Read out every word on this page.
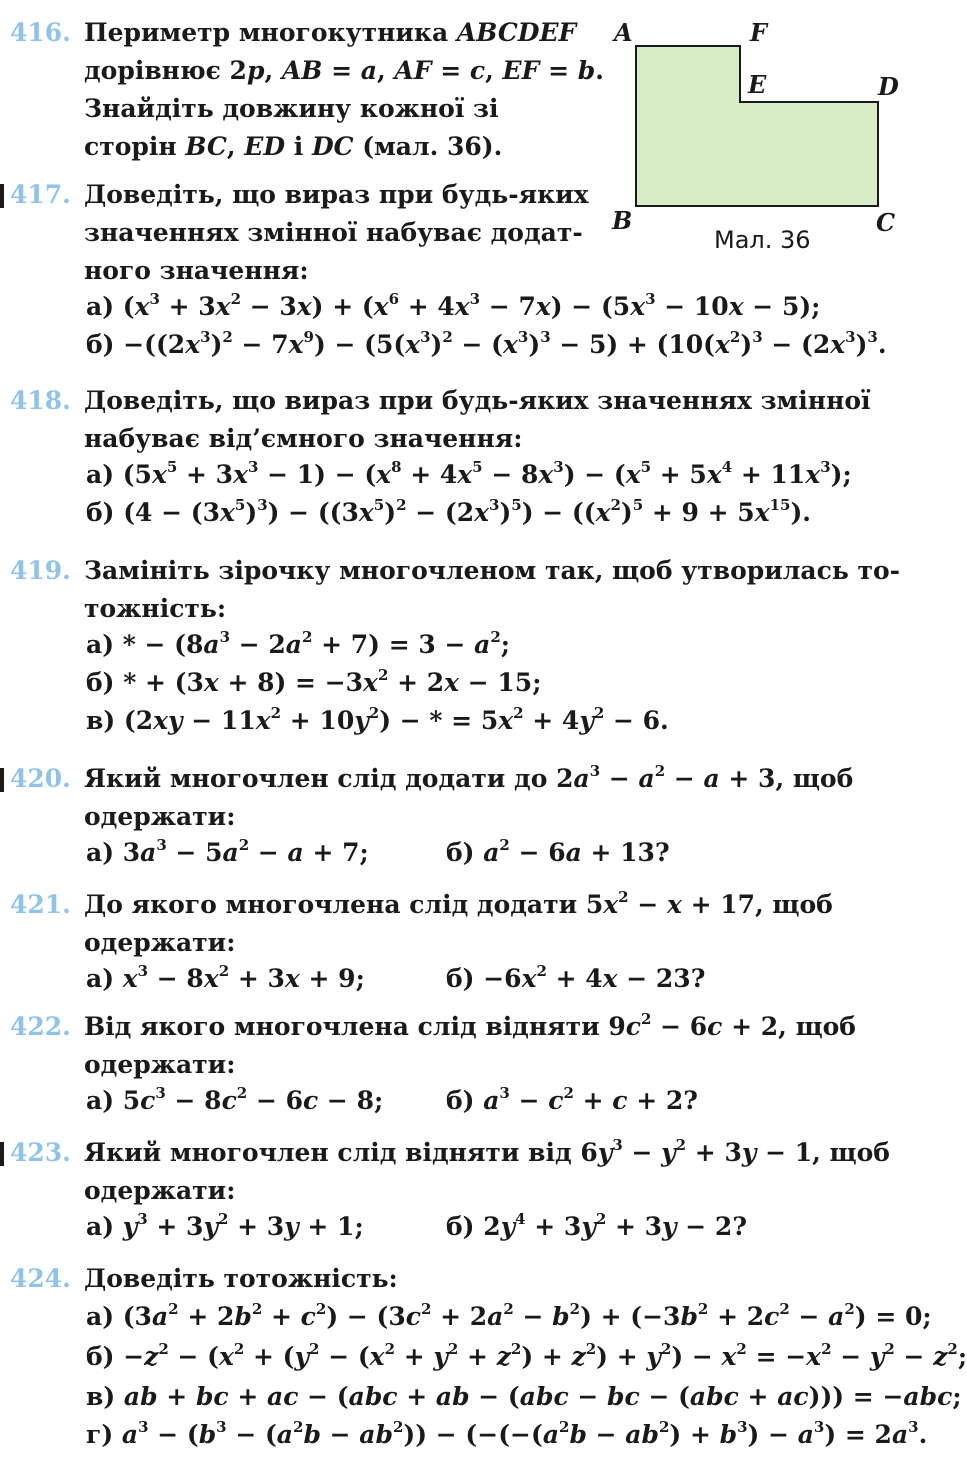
A	F
E	D
B	C
Мал. 36
416. Периметр многокутника ABCDEF
дорівнює 2p, AB = a, AF = c, EF = b.
Знайдіть довжину кожної зі
сторін BC, ED і DC (мал. 36).
417. Доведіть, що вираз при будь-яких
значеннях змінної набуває додат-
ного значення:
а) $(x^3 + 3x^2 - 3x) + (x^6 + 4x^3 - 7x) - (5x^3 - 10x - 5)$;
$б) -((2x^3)^2 - 7x^9) - (5(x^3)^2 - (x^3)^3 - 5) + (10(x^2)^3 - (2x^3)^3$.
418. Доведіть, що вираз при будь-яких значеннях змінної
набуває від’ємного значення:
а) $(5x^5 + 3x^3 - 1) - (x^8 + 4x^5 - 8x^3) - (x^5 + 5x^4 + 11x^3)$;
б) $(4 - (3x^5)^3) - ((3x^5)^2 - (2x^3)^5) - ((x^2)^5 + 9 + 5x^{15})$.
419. Замініть зірочку многочленом так, щоб утворилась то-
тожність:
а) * − $(8a^3 - 2a^2 + 7) = 3 - a^2$;
б) * + $(3x + 8) = -3x^2 + 2x - 15$;
в) $(2xy - 11x^2 + 10y^2)$ − * = $5x^2 + 4y^2 - 6$.
420. Який многочлен слід додати до $2a^3 - a^2 - a + 3$, щоб
одержати:
а) $3a^3 - 5a^2 - a + 7$;	б) $a^2 - 6a + 13$?
421. До якого многочлена слід додати $5x^2 - x + 17$, щоб
одержати:
а) $x^3 - 8x^2 + 3x + 9$;	$б) -6x^2 + 4x - 23$?
422. Від якого многочлена слід відняти $9c^2 - 6c + 2$, щоб
одержати:
а) $5c^3 - 8c^2 - 6c - 8$;	б) $a^3 - c^2 + c + 2$?
423. Який многочлен слід відняти від $6y^3 - y^2 + 3y - 1$, щоб
одержати:
а) $y^3 + 3y^2 + 3y + 1$;	б) $2y^4 + 3y^2 + 3y - 2$?
424. Доведіть тотожність:
а) $(3a^2 + 2b^2 + c^2) - (3c^2 + 2a^2 - b^2) + (-3b^2 + 2c^2 - a^2) = 0$;
$б) -z^2 - (x^2 + (y^2 - (x^2 + y^2 + z^2) + z^2) + y^2) - x^2 = -x^2 - y^2 - z^2$;
в) ab + bc + ac − (abc + ab − (abc − bc − (abc + ac))) = −abc;
г) $a^3 - (b^3 - (a^2b - ab^2)) - (-(-(a^2b - ab^2) + b^3) - a^3) = 2a^3$.
